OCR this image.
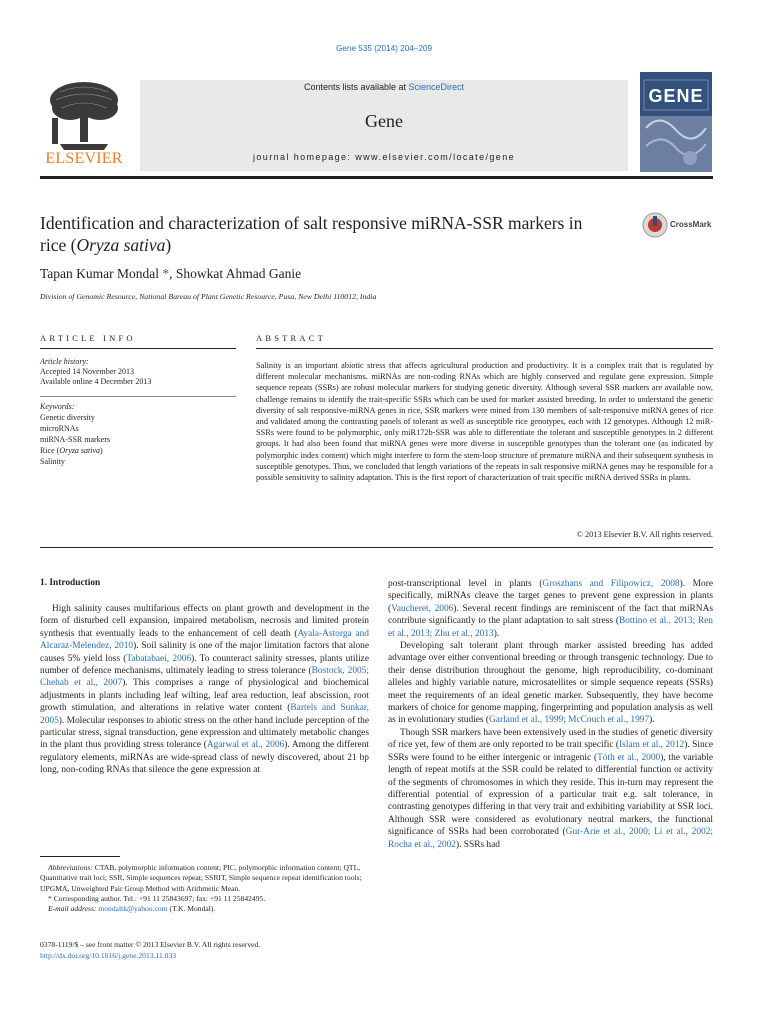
Gene 535 (2014) 204–209
ELSEVIER
Contents lists available at ScienceDirect
Gene
journal homepage: www.elsevier.com/locate/gene
GENE
Identification and characterization of salt responsive miRNA-SSR markers in rice (Oryza sativa)
CrossMark
Tapan Kumar Mondal *, Showkat Ahmad Ganie
Division of Genomic Resource, National Bureau of Plant Genetic Resource, Pusa, New Delhi 110012, India
ARTICLE INFO	ABSTRACT
Article history:
Accepted 14 November 2013
Available online 4 December 2013
Keywords:
Genetic diversity
microRNAs
miRNA-SSR markers
Rice (Oryza sativa)
Salinity
Salinity is an important abiotic stress that affects agricultural production and productivity. It is a complex trait that is regulated by different molecular mechanisms. miRNAs are non-coding RNAs which are highly conserved and regulate gene expression. Simple sequence repeats (SSRs) are robust molecular markers for studying genetic diversity. Although several SSR markers are available now, challenge remains to identify the trait-specific SSRs which can be used for marker assisted breeding. In order to understand the genetic diversity of salt responsive-miRNA genes in rice, SSR markers were mined from 130 members of salt-responsive miRNA genes of rice and validated among the contrasting panels of tolerant as well as susceptible rice genotypes, each with 12 genotypes. Although 12 miR-SSRs were found to be polymorphic, only miR172b-SSR was able to differentiate the tolerant and susceptible genotypes in 2 different groups. It had also been found that miRNA genes were more diverse in susceptible genotypes than the tolerant one (as indicated by polymorphic index content) which might interfere to form the stem-loop structure of premature miRNA and their subsequent synthesis in susceptible genotypes. Thus, we concluded that length variations of the repeats in salt responsive miRNA genes may be responsible for a possible sensitivity to salinity adaptation. This is the first report of characterization of trait specific miRNA derived SSRs in plants.
© 2013 Elsevier B.V. All rights reserved.
1. Introduction

High salinity causes multifarious effects on plant growth and development in the form of disturbed cell expansion, impaired metabolism, necrosis and limited protein synthesis that eventually leads to the enhancement of cell death (Ayala-Astorga and Alcaraz-Melendez, 2010). Soil salinity is one of the major limitation factors that alone causes 5% yield loss (Tabatabaei, 2006). To counteract salinity stresses, plants utilize number of defence mechanisms, ultimately leading to stress tolerance (Bostock, 2005; Chehab et al., 2007). This comprises a range of physiological and biochemical adjustments in plants including leaf wilting, leaf area reduction, leaf abscission, root growth stimulation, and alterations in relative water content (Bartels and Sunkar, 2005). Molecular responses to abiotic stress on the other hand include perception of the particular stress, signal transduction, gene expression and ultimately metabolic changes in the plant thus providing stress tolerance (Agarwal et al., 2006). Among the different regulatory elements, miRNAs are wide-spread class of newly discovered, about 21 bp long, non-coding RNAs that silence the gene expression at

post-transcriptional level in plants (Groszhans and Filipowicz, 2008). More specifically, miRNAs cleave the target genes to prevent gene expression in plants (Vaucheret, 2006). Several recent findings are reminiscent of the fact that miRNAs contribute significantly to the plant adaptation to salt stress (Bottino et al., 2013; Ren et al., 2013; Zhu et al., 2013).

Developing salt tolerant plant through marker assisted breeding has added advantage over either conventional breeding or through transgenic technology. Due to their dense distribution throughout the genome, high reproducibility, co-dominant alleles and highly variable nature, microsatellites or simple sequence repeats (SSRs) meet the requirements of an ideal genetic marker. Subsequently, they have become markers of choice for genome mapping, fingerprinting and population analysis as well as in evolutionary studies (Garland et al., 1999; McCouch et al., 1997).

Though SSR markers have been extensively used in the studies of genetic diversity of rice yet, few of them are only reported to be trait specific (Islam et al., 2012). Since SSRs were found to be either intergenic or intragenic (Tóth et al., 2000), the variable length of repeat motifs at the SSR could be related to differential function or activity of the segments of chromosomes in which they reside. This in-turn may represent the differential potential of expression of a particular trait e.g. salt tolerance, in contrasting genotypes differing in that very trait and exhibiting variability at SSR loci. Although SSR were considered as evolutionary neutral markers, the functional significance of SSRs had been corroborated (Gur-Arie et al., 2000; Li et al., 2002; Rocha et al., 2002). SSRs had

Abbreviations: CTAB, polymorphic information content; PIC, polymorphic information content; QTL, Quantitative trait loci; SSR, Simple sequences repeat; SSRIT, Simple sequence repeat identification tools; UPGMA, Unweighted Pair Group Method with Arithmetic Mean.
* Corresponding author. Tel.: +91 11 25843697; fax: +91 11 25842495.
E-mail address: mondaltk@yahoo.com (T.K. Mondal).
0378-1119/$ – see front matter © 2013 Elsevier B.V. All rights reserved.
http://dx.doi.org/10.1016/j.gene.2013.11.033
